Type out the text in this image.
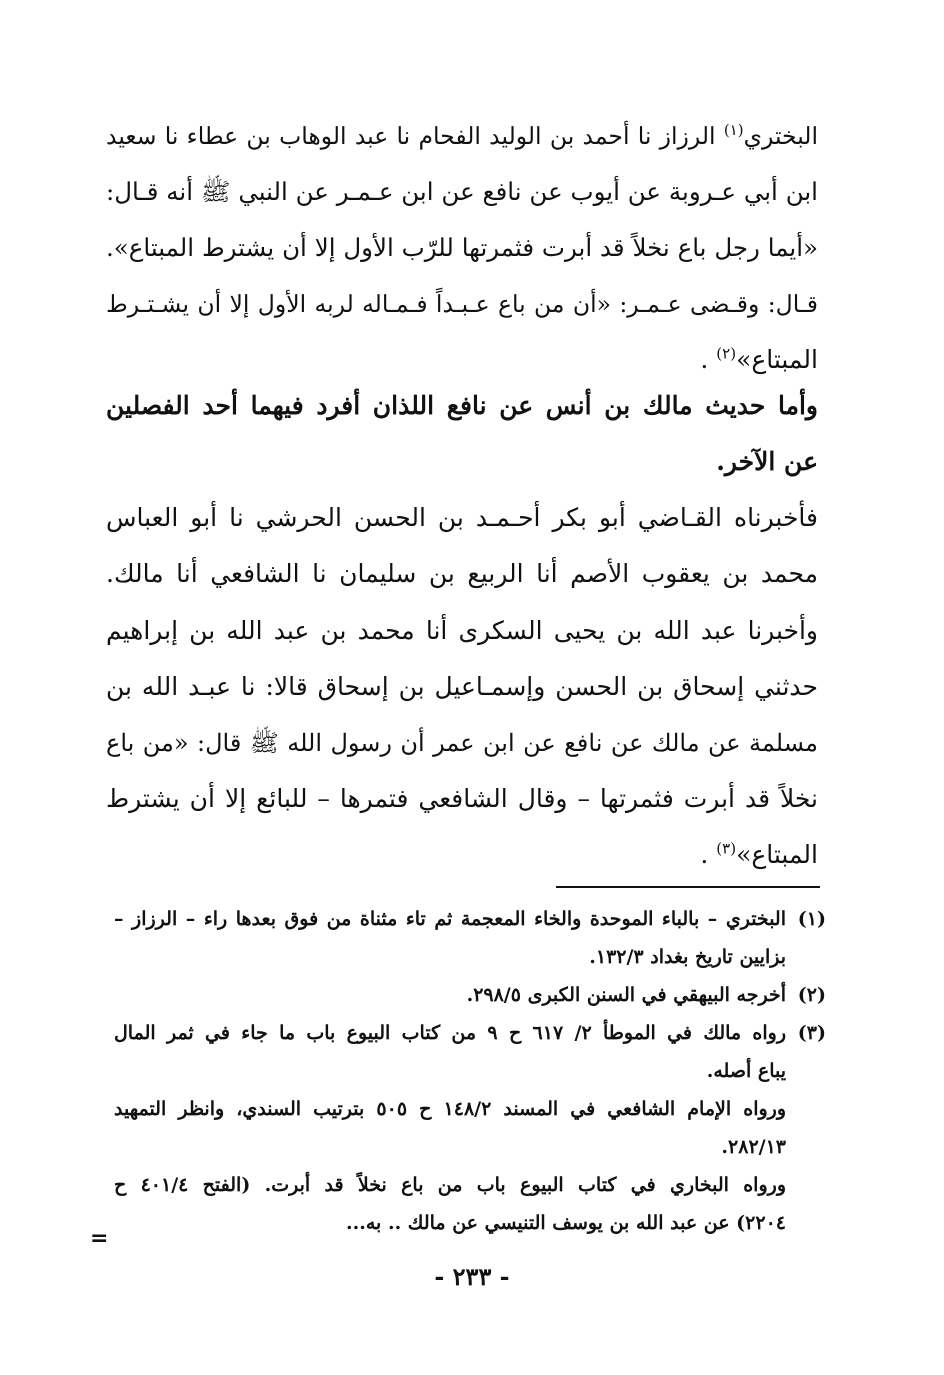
البختري$^{(١)}$ الرزاز نا أحمد بن الوليد الفحام نا عبد الوهاب بن عطاء نا سعيد
ابن أبي عـروبة عن أيوب عن نافع عن ابن عـمـر عن النبي ﷺ أنه قـال:
«أيما رجل باع نخلاً قد أبرت فثمرتها للرّب الأول إلا أن يشترط المبتاع».
قـال: وقـضى عـمـر: «أن من باع عـبـداً فـمـاله لربه الأول إلا أن يشـتـرط
المبتاع»$^{(٢)}$ .
وأما حديث مالك بن أنس عن نافع اللذان أفرد فيهما أحد الفصلين
عن الآخر.
فأخبرناه القـاضي أبو بكر أحـمـد بن الحسن الحرشي نا أبو العباس
محمد بن يعقوب الأصم أنا الربيع بن سليمان نا الشافعي أنا مالك.
وأخبرنا عبد الله بن يحيى السكرى أنا محمد بن عبد الله بن إبراهيم
حدثني إسحاق بن الحسن وإسمـاعيل بن إسحاق قالا: نا عبـد الله بن
مسلمة عن مالك عن نافع عن ابن عمر أن رسول الله ﷺ قال: «من باع
نخلاً قد أبرت فثمرتها – وقال الشافعي فتمرها – للبائع إلا أن يشترط
المبتاع»$^{(٣)}$ .
(١)
البختري – بالباء الموحدة والخاء المعجمة ثم تاء مثناة من فوق بعدها راء – الرزاز –
بزايين تاريخ بغداد ١٣٢/٣.
(٢)
أخرجه البيهقي في السنن الكبرى ٢٩٨/٥.
(٣)
رواه مالك في الموطأ ٢/ ٦١٧ ح ٩ من كتاب البيوع باب ما جاء في ثمر المال
يباع أصله.
ورواه الإمام الشافعي في المسند ١٤٨/٢ ح ٥٠٥ بترتيب السندي، وانظر التمهيد
٢٨٢/١٣.
ورواه البخاري في كتاب البيوع باب من باع نخلاً قد أبرت. (الفتح ٤٠١/٤ ح
٢٢٠٤) عن عبد الله بن يوسف التنيسي عن مالك .. به...
=
- ٢٣٣ -
